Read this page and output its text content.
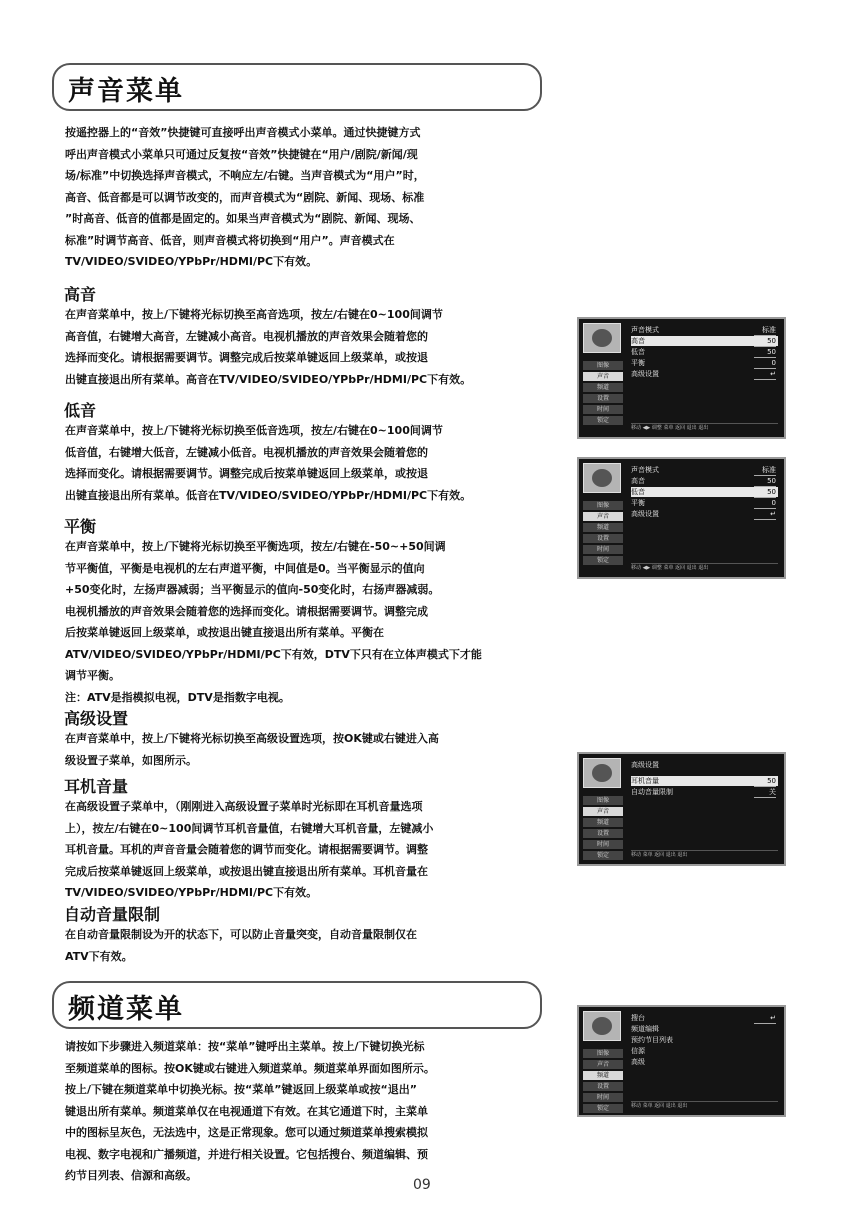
声音菜单

按遥控器上的“音效”快捷键可直接呼出声音模式小菜单。通过快捷键方式
呼出声音模式小菜单只可通过反复按“音效”快捷键在“用户/剧院/新闻/现
场/标准”中切换选择声音模式，不响应左/右键。当声音模式为“用户”时，
高音、低音都是可以调节改变的，而声音模式为“剧院、新闻、现场、标准
”时高音、低音的值都是固定的。如果当声音模式为“剧院、新闻、现场、
标准”时调节高音、低音，则声音模式将切换到“用户”。声音模式在
TV/VIDEO/SVIDEO/YPbPr/HDMI/PC下有效。

高音

在声音菜单中，按上/下键将光标切换至高音选项，按左/右键在0~100间调节
高音值，右键增大高音，左键减小高音。电视机播放的声音效果会随着您的
选择而变化。请根据需要调节。调整完成后按菜单键返回上级菜单，或按退
出键直接退出所有菜单。高音在TV/VIDEO/SVIDEO/YPbPr/HDMI/PC下有效。

低音

在声音菜单中，按上/下键将光标切换至低音选项，按左/右键在0~100间调节
低音值，右键增大低音，左键减小低音。电视机播放的声音效果会随着您的
选择而变化。请根据需要调节。调整完成后按菜单键返回上级菜单，或按退
出键直接退出所有菜单。低音在TV/VIDEO/SVIDEO/YPbPr/HDMI/PC下有效。

平衡

在声音菜单中，按上/下键将光标切换至平衡选项，按左/右键在-50~+50间调
节平衡值，平衡是电视机的左右声道平衡，中间值是0。当平衡显示的值向
+50变化时，左扬声器减弱；当平衡显示的值向-50变化时，右扬声器减弱。
电视机播放的声音效果会随着您的选择而变化。请根据需要调节。调整完成
后按菜单键返回上级菜单，或按退出键直接退出所有菜单。平衡在
ATV/VIDEO/SVIDEO/YPbPr/HDMI/PC下有效，DTV下只有在立体声模式下才能
调节平衡。
注：ATV是指模拟电视，DTV是指数字电视。

高级设置

在声音菜单中，按上/下键将光标切换至高级设置选项，按OK键或右键进入高
级设置子菜单，如图所示。

耳机音量

在高级设置子菜单中，（刚刚进入高级设置子菜单时光标即在耳机音量选项
上），按左/右键在0~100间调节耳机音量值，右键增大耳机音量，左键减小
耳机音量。耳机的声音音量会随着您的调节而变化。请根据需要调节。调整
完成后按菜单键返回上级菜单，或按退出键直接退出所有菜单。耳机音量在
TV/VIDEO/SVIDEO/YPbPr/HDMI/PC下有效。

自动音量限制

在自动音量限制设为开的状态下，可以防止音量突变，自动音量限制仅在
ATV下有效。

频道菜单

请按如下步骤进入频道菜单：按“菜单”键呼出主菜单。按上/下键切换光标
至频道菜单的图标。按OK键或右键进入频道菜单。频道菜单界面如图所示。
按上/下键在频道菜单中切换光标。按“菜单”键返回上级菜单或按“退出”
键退出所有菜单。频道菜单仅在电视通道下有效。在其它通道下时，主菜单
中的图标呈灰色，无法选中，这是正常现象。您可以通过频道菜单搜索模拟
电视、数字电视和广播频道，并进行相关设置。它包括搜台、频道编辑、预
约节目列表、信源和高级。

09
图像
声音
频道
设置
时间
锁定
声音模式	标准
高音	50
低音	50
平衡	0
高级设置	↵
移动 ◀▶ 调整 菜单 返回 退出 退出
图像
声音
频道
设置
时间
锁定
声音模式	标准
高音	50
低音	50
平衡	0
高级设置	↵
移动 ◀▶ 调整 菜单 返回 退出 退出
图像
声音
频道
设置
时间
锁定
高级设置
耳机音量	50
自动音量限制	关
移动 菜单 返回 退出 退出
图像
声音
频道
设置
时间
锁定
搜台	↵
频道编辑
预约节目列表
信源
高级
移动 菜单 返回 退出 退出
